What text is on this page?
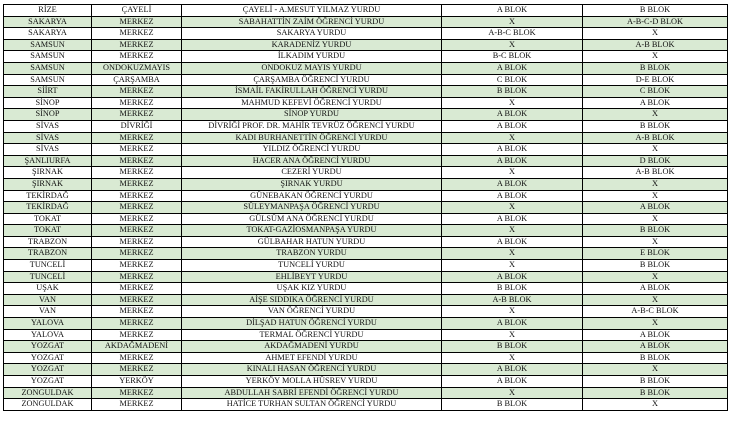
RİZE	ÇAYELİ	ÇAYELİ - A.MESUT YILMAZ YURDU	A BLOK	B BLOK
SAKARYA	MERKEZ	SABAHATTİN ZAİM ÖĞRENCİ YURDU	X	A-B-C-D BLOK
SAKARYA	MERKEZ	SAKARYA YURDU	A-B-C BLOK	X
SAMSUN	MERKEZ	KARADENİZ YURDU	X	A-B BLOK
SAMSUN	MERKEZ	İLKADIM YURDU	B-C BLOK	X
SAMSUN	ONDOKUZMAYIS	ONDOKUZ MAYIS YURDU	A BLOK	B BLOK
SAMSUN	ÇARŞAMBA	ÇARŞAMBA ÖĞRENCİ YURDU	C BLOK	D-E BLOK
SİİRT	MERKEZ	İSMAİL FAKİRULLAH ÖĞRENCİ YURDU	B BLOK	C BLOK
SİNOP	MERKEZ	MAHMUD KEFEVİ ÖĞRENCİ YURDU	X	A BLOK
SİNOP	MERKEZ	SİNOP YURDU	A BLOK	X
SİVAS	DİVRİĞİ	DİVRİĞİ PROF. DR. MAHİR TEVRÜZ ÖĞRENCİ YURDU	A BLOK	B BLOK
SİVAS	MERKEZ	KADI BURHANETTİN ÖĞRENCİ YURDU	X	A-B BLOK
SİVAS	MERKEZ	YILDIZ ÖĞRENCİ YURDU	A BLOK	X
ŞANLIURFA	MERKEZ	HACER ANA ÖĞRENCİ YURDU	A BLOK	D BLOK
ŞIRNAK	MERKEZ	CEZERİ YURDU	X	A-B BLOK
ŞIRNAK	MERKEZ	ŞIRNAK YURDU	A BLOK	X
TEKİRDAĞ	MERKEZ	GÜNEBAKAN ÖĞRENCİ YURDU	A BLOK	X
TEKİRDAĞ	MERKEZ	SÜLEYMANPAŞA ÖĞRENCİ YURDU	X	A BLOK
TOKAT	MERKEZ	GÜLSÜM ANA ÖĞRENCİ YURDU	A BLOK	X
TOKAT	MERKEZ	TOKAT-GAZİOSMANPAŞA YURDU	X	B BLOK
TRABZON	MERKEZ	GÜLBAHAR HATUN YURDU	A BLOK	X
TRABZON	MERKEZ	TRABZON YURDU	X	E BLOK
TUNCELİ	MERKEZ	TUNCELİ YURDU	X	B BLOK
TUNCELİ	MERKEZ	EHLİBEYT YURDU	A BLOK	X
UŞAK	MERKEZ	UŞAK KIZ YURDU	B BLOK	A BLOK
VAN	MERKEZ	AİŞE SIDDIKA ÖĞRENCİ YURDU	A-B BLOK	X
VAN	MERKEZ	VAN ÖĞRENCİ YURDU	X	A-B-C BLOK
YALOVA	MERKEZ	DİLŞAD HATUN ÖĞRENCİ YURDU	A BLOK	X
YALOVA	MERKEZ	TERMAL ÖĞRENCİ YURDU	X	A BLOK
YOZGAT	AKDAĞMADENİ	AKDAĞMADENİ YURDU	B BLOK	A BLOK
YOZGAT	MERKEZ	AHMET EFENDİ YURDU	X	B BLOK
YOZGAT	MERKEZ	KINALI HASAN ÖĞRENCİ YURDU	A BLOK	X
YOZGAT	YERKÖY	YERKÖY MOLLA HÜSREV YURDU	A BLOK	B BLOK
ZONGULDAK	MERKEZ	ABDULLAH SABRİ EFENDİ ÖĞRENCİ YURDU	X	B BLOK
ZONGULDAK	MERKEZ	HATİCE TURHAN SULTAN ÖĞRENCİ YURDU	B BLOK	X
